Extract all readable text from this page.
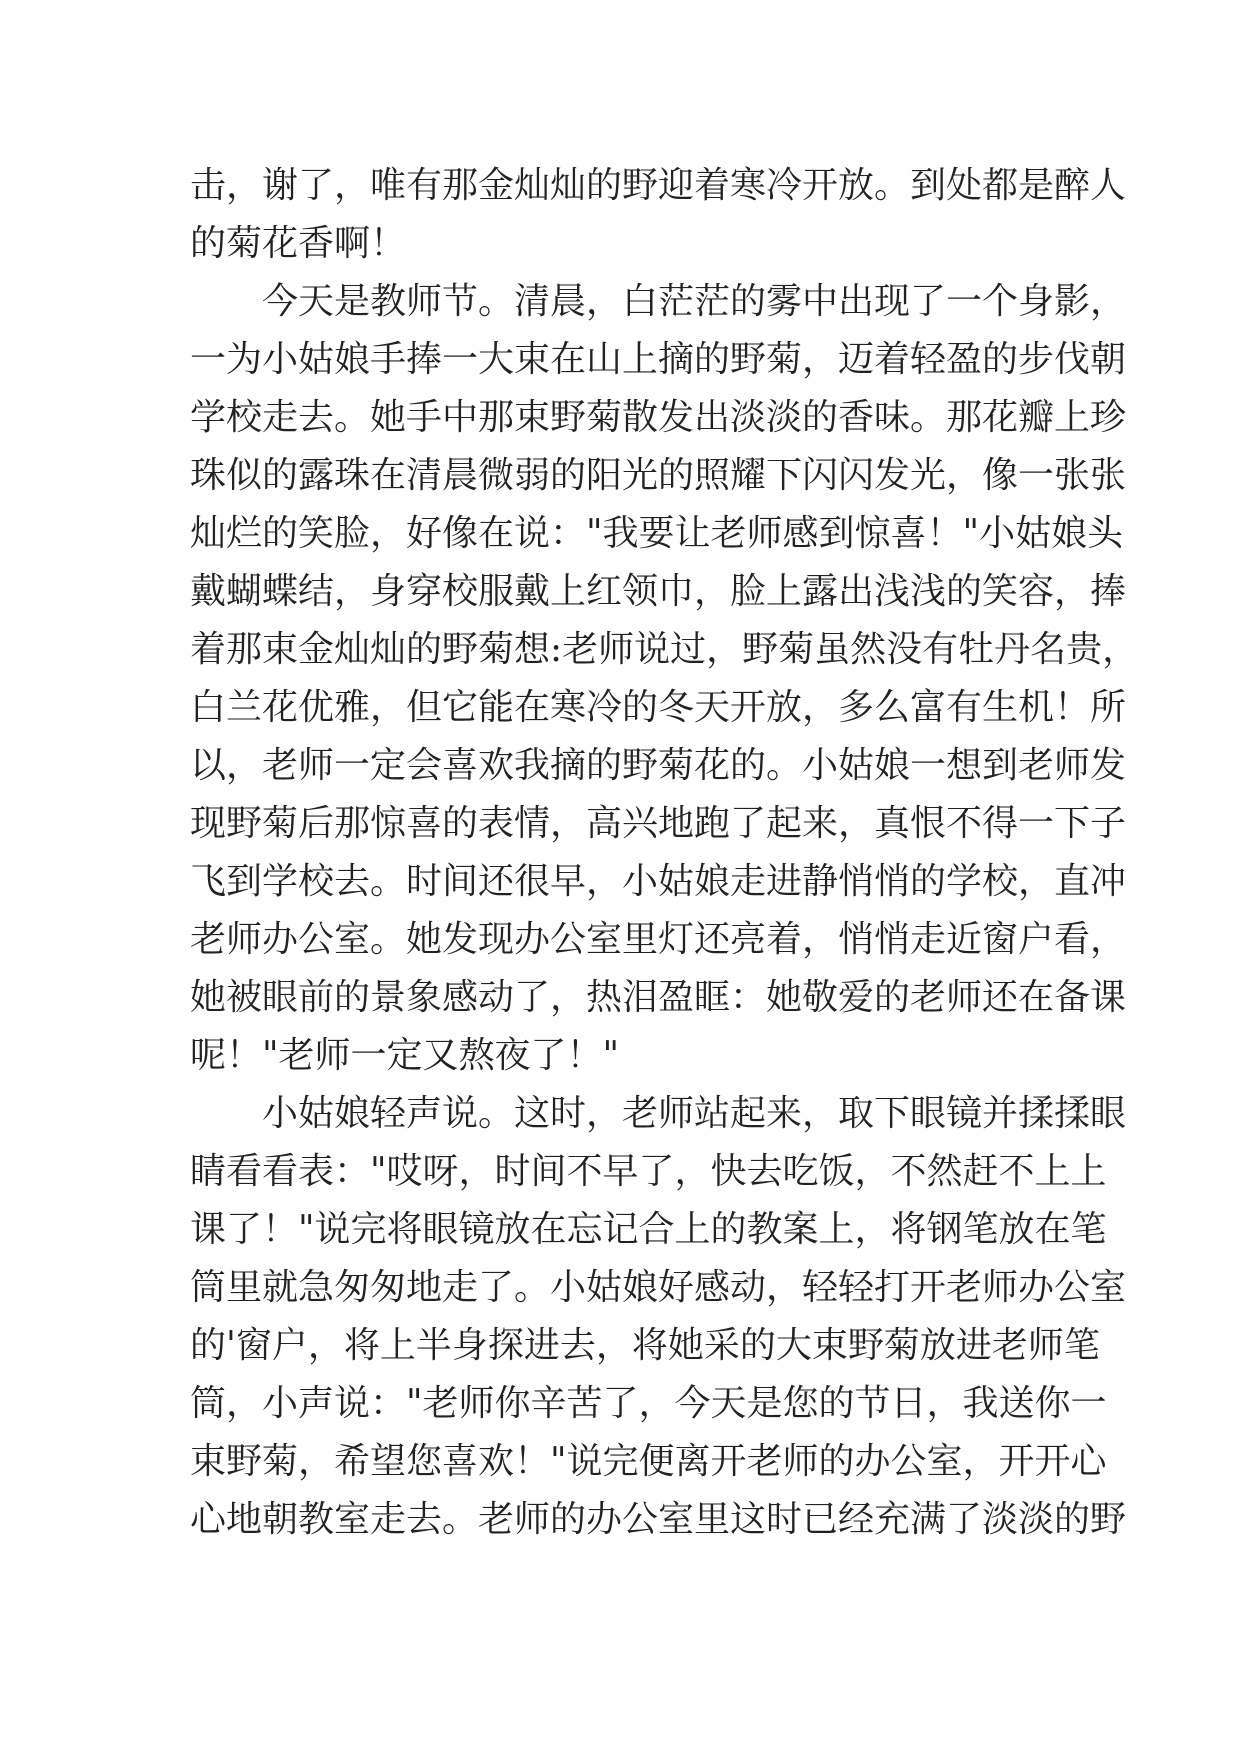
击，谢了，唯有那金灿灿的野迎着寒冷开放。到处都是醉人
的菊花香啊！
　　今天是教师节。清晨，白茫茫的雾中出现了一个身影，
一为小姑娘手捧一大束在山上摘的野菊，迈着轻盈的步伐朝
学校走去。她手中那束野菊散发出淡淡的香味。那花瓣上珍
珠似的露珠在清晨微弱的阳光的照耀下闪闪发光，像一张张
灿烂的笑脸，好像在说："我要让老师感到惊喜！"小姑娘头
戴蝴蝶结，身穿校服戴上红领巾，脸上露出浅浅的笑容，捧
着那束金灿灿的野菊想:老师说过，野菊虽然没有牡丹名贵，
白兰花优雅，但它能在寒冷的冬天开放，多么富有生机！所
以，老师一定会喜欢我摘的野菊花的。小姑娘一想到老师发
现野菊后那惊喜的表情，高兴地跑了起来，真恨不得一下子
飞到学校去。时间还很早，小姑娘走进静悄悄的学校，直冲
老师办公室。她发现办公室里灯还亮着，悄悄走近窗户看，
她被眼前的景象感动了，热泪盈眶：她敬爱的老师还在备课
呢！"老师一定又熬夜了！"
　　小姑娘轻声说。这时，老师站起来，取下眼镜并揉揉眼
睛看看表："哎呀，时间不早了，快去吃饭，不然赶不上上
课了！"说完将眼镜放在忘记合上的教案上，将钢笔放在笔
筒里就急匆匆地走了。小姑娘好感动，轻轻打开老师办公室
的'窗户，将上半身探进去，将她采的大束野菊放进老师笔
筒，小声说："老师你辛苦了，今天是您的节日，我送你一
束野菊，希望您喜欢！"说完便离开老师的办公室，开开心
心地朝教室走去。老师的办公室里这时已经充满了淡淡的野
